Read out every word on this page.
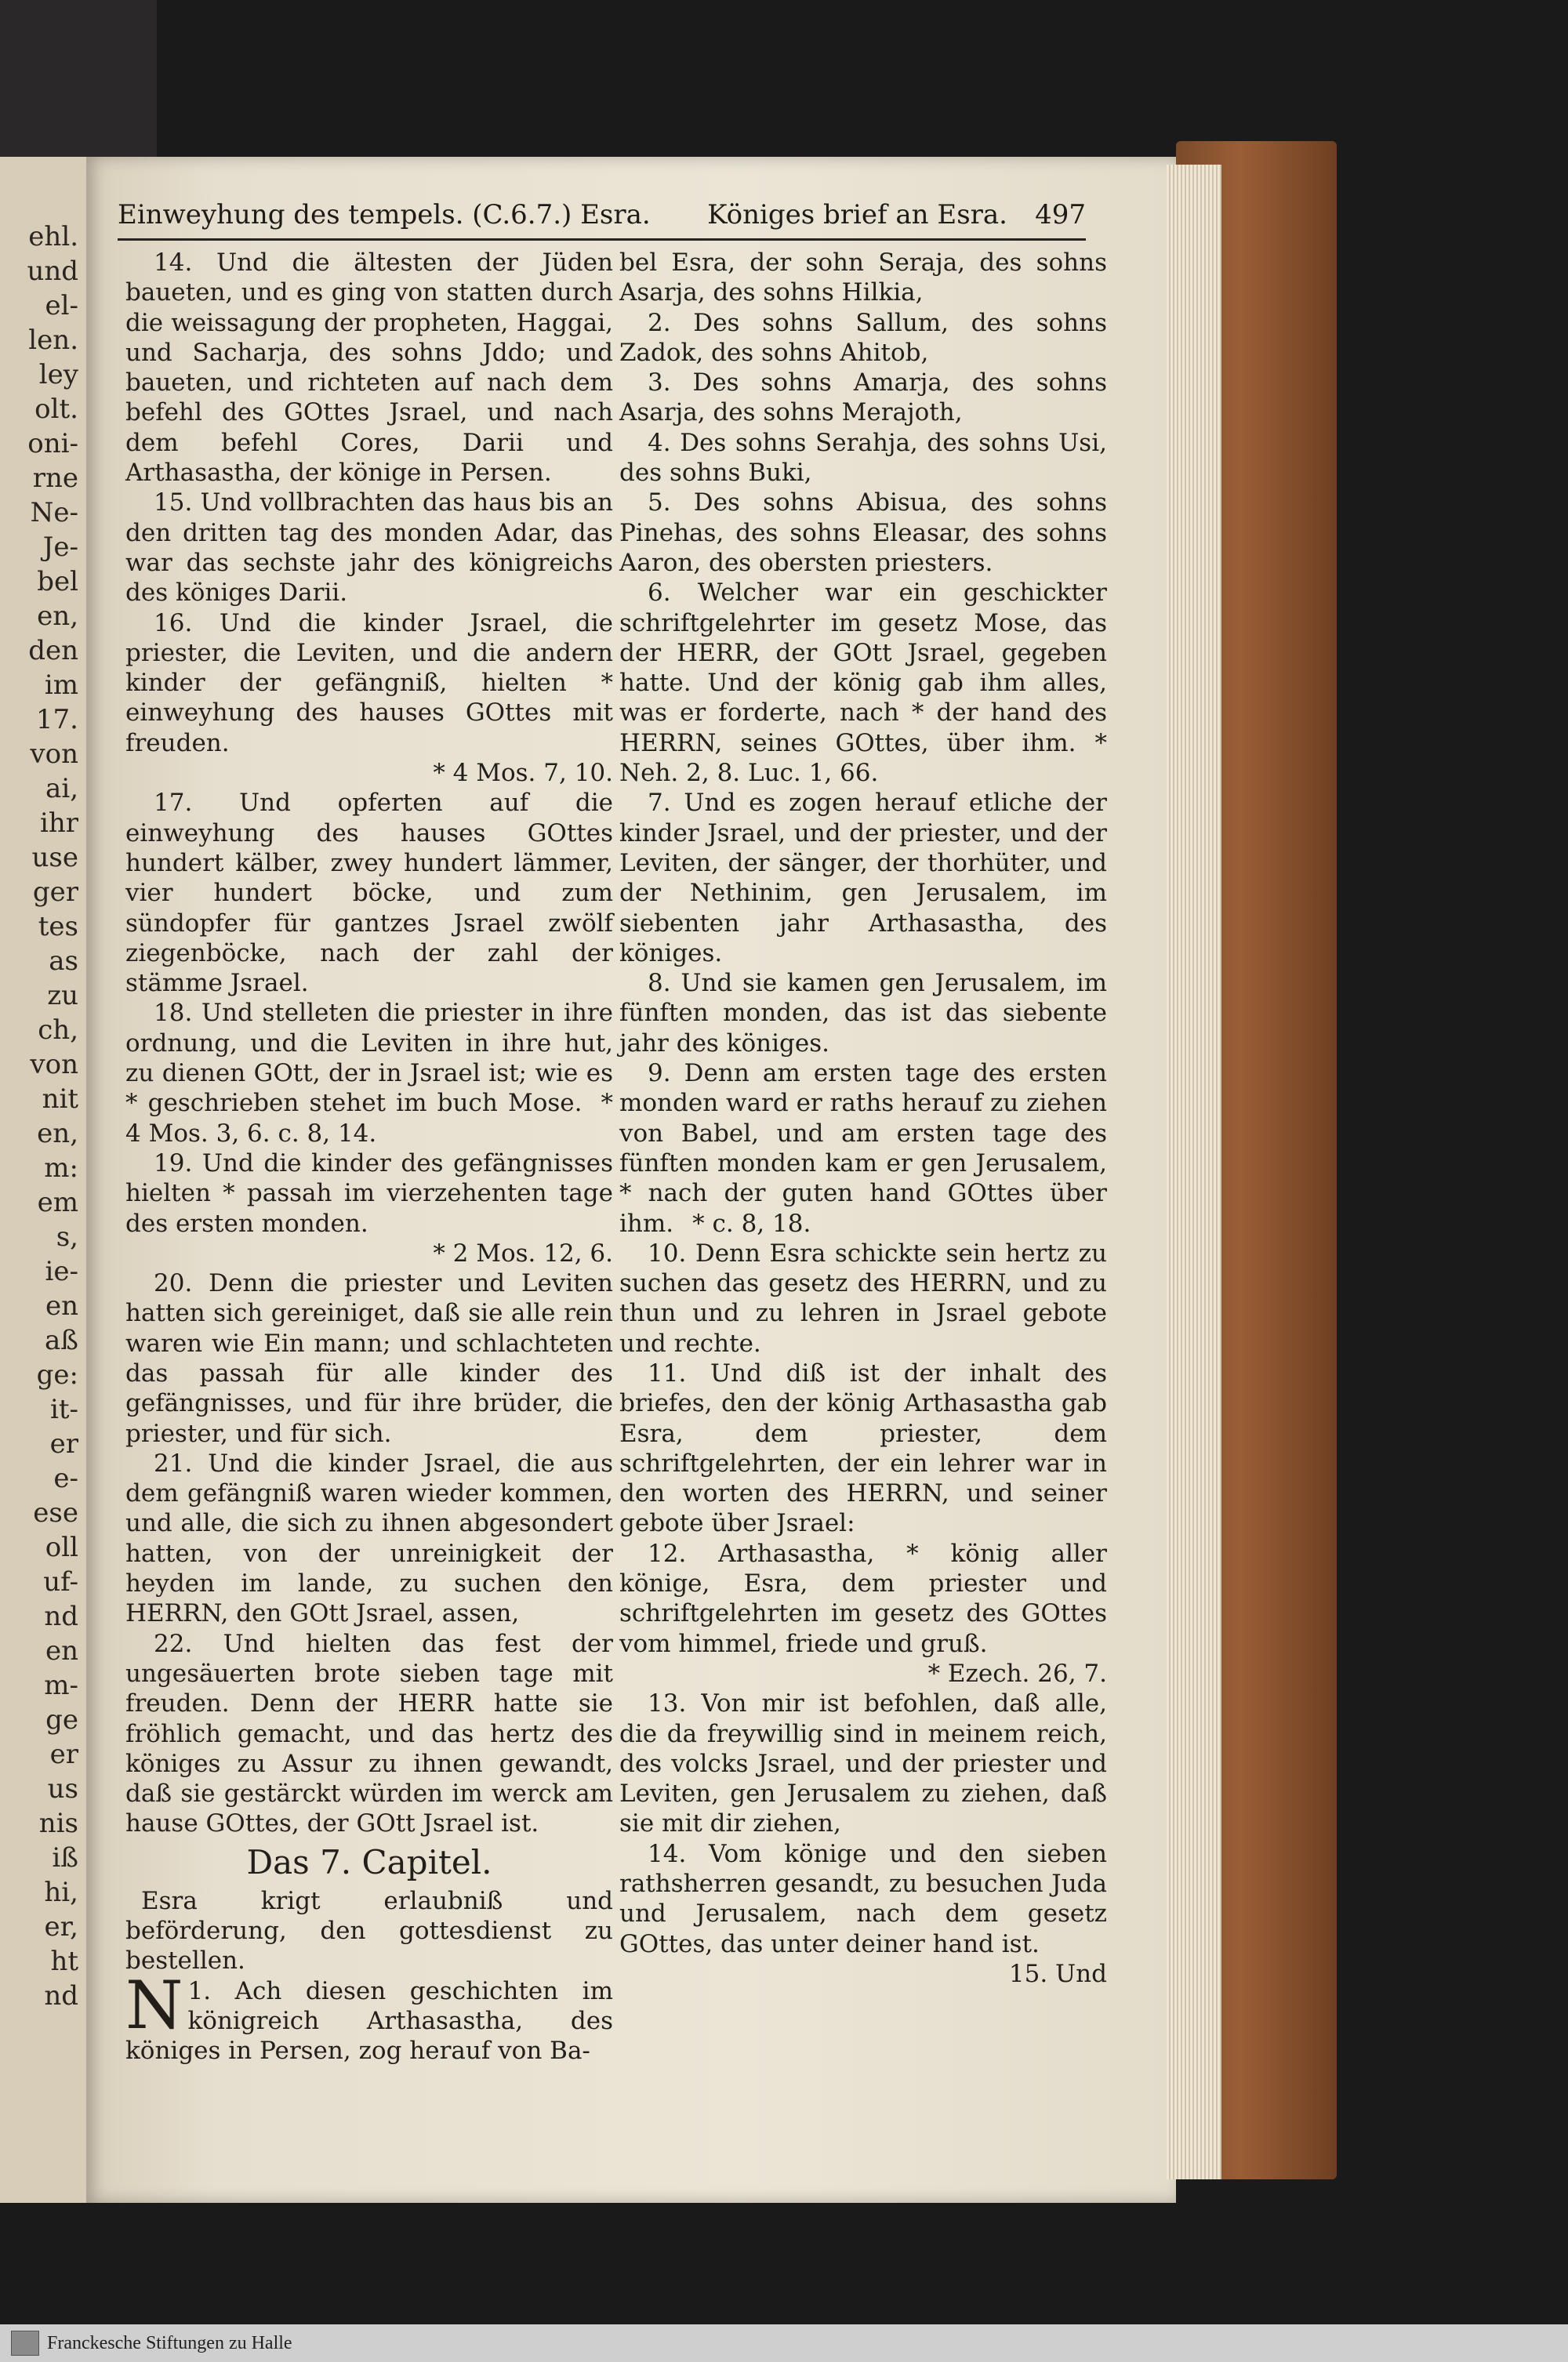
ehl.
und
el-
len.
ley
olt.
oni-
rne
Ne-
Je-
bel
en,
den
im
17.
von
ai,
ihr
use
ger
tes
as
zu
ch,
von
nit
en,
m:
em
s,
ie-
en
aß
ge:
it-
er
e-
ese
oll
uf-
nd
en
m-
ge
er
us
nis
iß
hi,
er,
ht
nd
Einweyhung des tempels. (C.6.7.) Esra. Königes brief an Esra. 497

14. Und die ältesten der Jüden baueten, und es ging von statten durch die weissagung der propheten, Haggai, und Sacharja, des sohns Jddo; und baueten, und richteten auf nach dem befehl des GOttes Jsrael, und nach dem befehl Cores, Darii und Arthasastha, der könige in Persen.

15. Und vollbrachten das haus bis an den dritten tag des monden Adar, das war das sechste jahr des königreichs des königes Darii.

16. Und die kinder Jsrael, die priester, die Leviten, und die andern kinder der gefängniß, hielten * einweyhung des hauses GOttes mit freuden.

* 4 Mos. 7, 10.

17. Und opferten auf die einweyhung des hauses GOttes hundert kälber, zwey hundert lämmer, vier hundert böcke, und zum sündopfer für gantzes Jsrael zwölf ziegenböcke, nach der zahl der stämme Jsrael.

18. Und stelleten die priester in ihre ordnung, und die Leviten in ihre hut, zu dienen GOtt, der in Jsrael ist; wie es * geschrieben stehet im buch Mose. * 4 Mos. 3, 6. c. 8, 14.

19. Und die kinder des gefängnisses hielten * passah im vierzehenten tage des ersten monden.

* 2 Mos. 12, 6.

20. Denn die priester und Leviten hatten sich gereiniget, daß sie alle rein waren wie Ein mann; und schlachteten das passah für alle kinder des gefängnisses, und für ihre brüder, die priester, und für sich.

21. Und die kinder Jsrael, die aus dem gefängniß waren wieder kommen, und alle, die sich zu ihnen abgesondert hatten, von der unreinigkeit der heyden im lande, zu suchen den HERRN, den GOtt Jsrael, assen,

22. Und hielten das fest der ungesäuerten brote sieben tage mit freuden. Denn der HERR hatte sie fröhlich gemacht, und das hertz des königes zu Assur zu ihnen gewandt, daß sie gestärckt würden im werck am hause GOttes, der GOtt Jsrael ist.

Das 7. Capitel.

Esra krigt erlaubniß und beförderung, den gottesdienst zu bestellen.

1.
N Ach diesen geschichten im königreich Arthasastha, des königes in Persen, zog herauf von Ba-

bel Esra, der sohn Seraja, des sohns Asarja, des sohns Hilkia,

2. Des sohns Sallum, des sohns Zadok, des sohns Ahitob,

3. Des sohns Amarja, des sohns Asarja, des sohns Merajoth,

4. Des sohns Serahja, des sohns Usi, des sohns Buki,

5. Des sohns Abisua, des sohns Pinehas, des sohns Eleasar, des sohns Aaron, des obersten priesters.

6. Welcher war ein geschickter schriftgelehrter im gesetz Mose, das der HERR, der GOtt Jsrael, gegeben hatte. Und der könig gab ihm alles, was er forderte, nach * der hand des HERRN, seines GOttes, über ihm. * Neh. 2, 8. Luc. 1, 66.

7. Und es zogen herauf etliche der kinder Jsrael, und der priester, und der Leviten, der sänger, der thorhüter, und der Nethinim, gen Jerusalem, im siebenten jahr Arthasastha, des königes.

8. Und sie kamen gen Jerusalem, im fünften monden, das ist das siebente jahr des königes.

9. Denn am ersten tage des ersten monden ward er raths herauf zu ziehen von Babel, und am ersten tage des fünften monden kam er gen Jerusalem, * nach der guten hand GOttes über ihm. * c. 8, 18.

10. Denn Esra schickte sein hertz zu suchen das gesetz des HERRN, und zu thun und zu lehren in Jsrael gebote und rechte.

11. Und diß ist der inhalt des briefes, den der könig Arthasastha gab Esra, dem priester, dem schriftgelehrten, der ein lehrer war in den worten des HERRN, und seiner gebote über Jsrael:

12. Arthasastha, * könig aller könige, Esra, dem priester und schriftgelehrten im gesetz des GOttes vom himmel, friede und gruß.

* Ezech. 26, 7.

13. Von mir ist befohlen, daß alle, die da freywillig sind in meinem reich, des volcks Jsrael, und der priester und Leviten, gen Jerusalem zu ziehen, daß sie mit dir ziehen,

14. Vom könige und den sieben rathsherren gesandt, zu besuchen Juda und Jerusalem, nach dem gesetz GOttes, das unter deiner hand ist.

15. Und

Franckesche Stiftungen zu Halle
